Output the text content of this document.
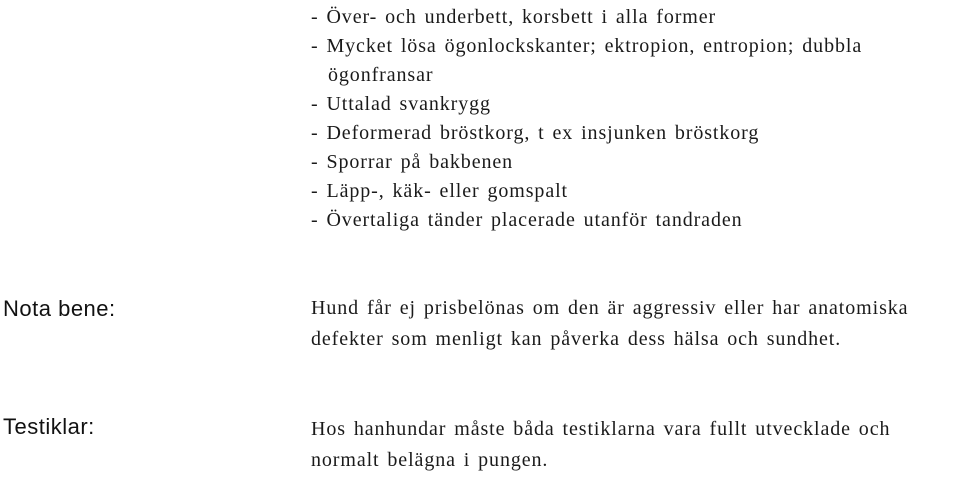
- Över- och underbett, korsbett i alla former
- Mycket lösa ögonlockskanter; ektropion, entropion; dubbla
ögonfransar
- Uttalad svankrygg
- Deformerad bröstkorg, t ex insjunken bröstkorg
- Sporrar på bakbenen
- Läpp-, käk- eller gomspalt
- Övertaliga tänder placerade utanför tandraden
Nota bene:	Hund får ej prisbelönas om den är aggressiv eller har anatomiska
defekter som menligt kan påverka dess hälsa och sundhet.
Testiklar:	Hos hanhundar måste båda testiklarna vara fullt utvecklade och
normalt belägna i pungen.
